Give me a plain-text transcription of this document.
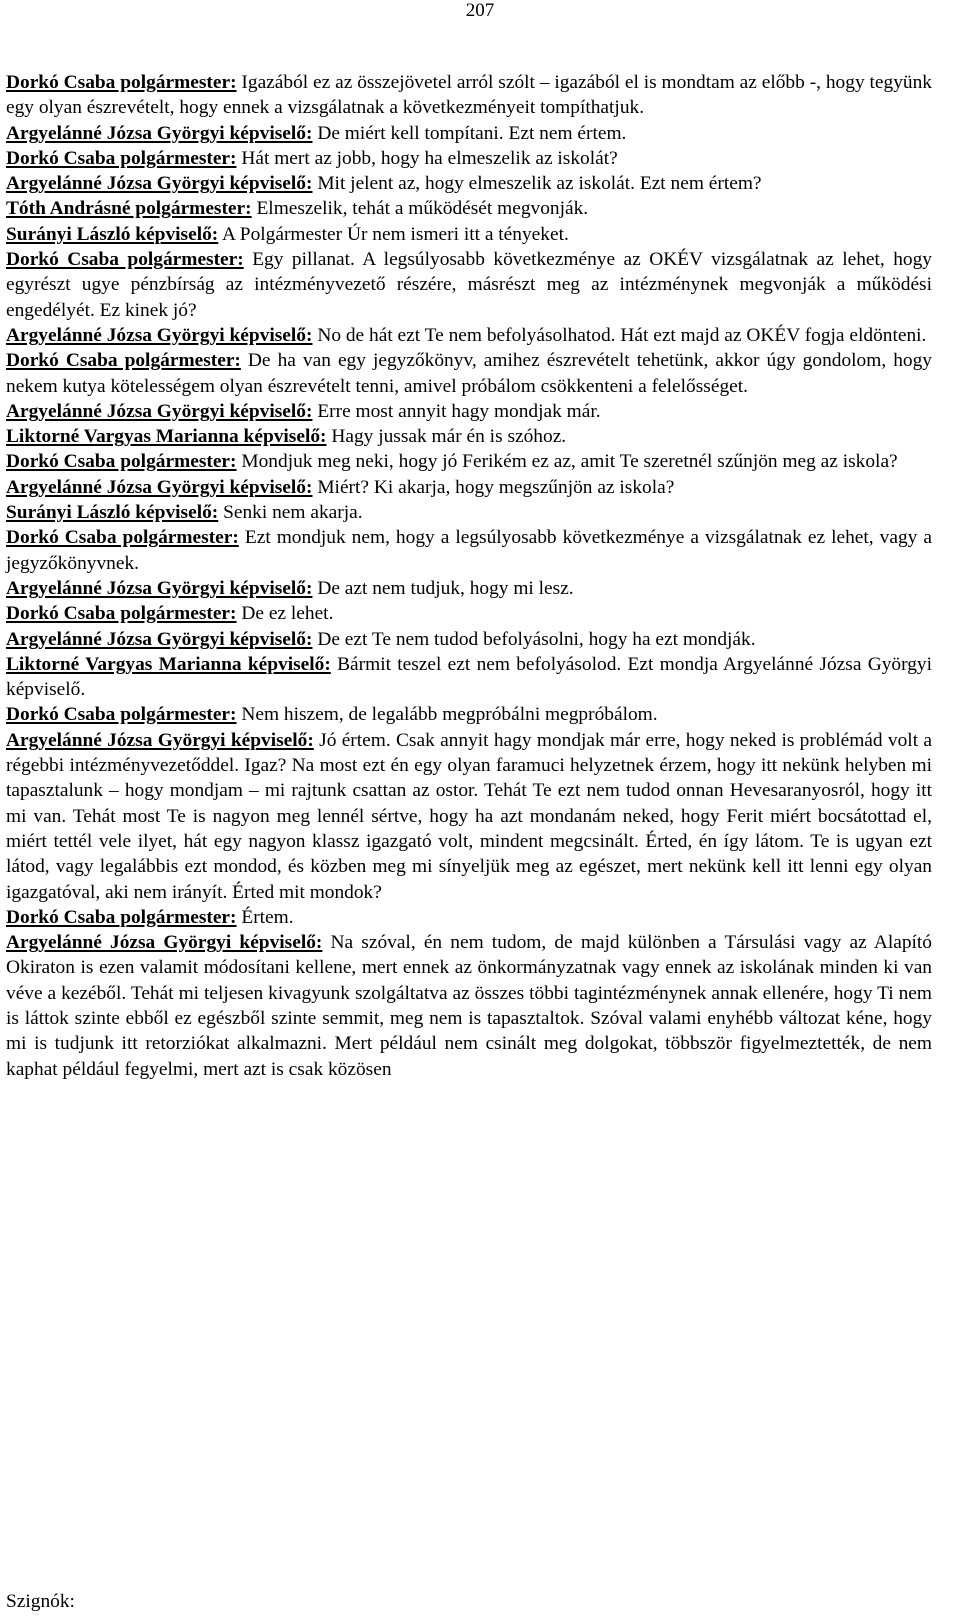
207

Dorkó Csaba polgármester: Igazából ez az összejövetel arról szólt – igazából el is mondtam az előbb -, hogy tegyünk egy olyan észrevételt, hogy ennek a vizsgálatnak a következményeit tompíthatjuk.

Argyelánné Józsa Györgyi képviselő: De miért kell tompítani. Ezt nem értem.

Dorkó Csaba polgármester: Hát mert az jobb, hogy ha elmeszelik az iskolát?

Argyelánné Józsa Györgyi képviselő: Mit jelent az, hogy elmeszelik az iskolát. Ezt nem értem?

Tóth Andrásné polgármester: Elmeszelik, tehát a működését megvonják.

Surányi László képviselő: A Polgármester Úr nem ismeri itt a tényeket.

Dorkó Csaba polgármester: Egy pillanat. A legsúlyosabb következménye az OKÉV vizsgálatnak az lehet, hogy egyrészt ugye pénzbírság az intézményvezető részére, másrészt meg az intézménynek megvonják a működési engedélyét. Ez kinek jó?

Argyelánné Józsa Györgyi képviselő: No de hát ezt Te nem befolyásolhatod. Hát ezt majd az OKÉV fogja eldönteni.

Dorkó Csaba polgármester: De ha van egy jegyzőkönyv, amihez észrevételt tehetünk, akkor úgy gondolom, hogy nekem kutya kötelességem olyan észrevételt tenni, amivel próbálom csökkenteni a felelősséget.

Argyelánné Józsa Györgyi képviselő: Erre most annyit hagy mondjak már.

Liktorné Vargyas Marianna képviselő: Hagy jussak már én is szóhoz.

Dorkó Csaba polgármester: Mondjuk meg neki, hogy jó Ferikém ez az, amit Te szeretnél szűnjön meg az iskola?

Argyelánné Józsa Györgyi képviselő: Miért? Ki akarja, hogy megszűnjön az iskola?

Surányi László képviselő: Senki nem akarja.

Dorkó Csaba polgármester: Ezt mondjuk nem, hogy a legsúlyosabb következménye a vizsgálatnak ez lehet, vagy a jegyzőkönyvnek.

Argyelánné Józsa Györgyi képviselő: De azt nem tudjuk, hogy mi lesz.

Dorkó Csaba polgármester: De ez lehet.

Argyelánné Józsa Györgyi képviselő: De ezt Te nem tudod befolyásolni, hogy ha ezt mondják.

Liktorné Vargyas Marianna képviselő: Bármit teszel ezt nem befolyásolod. Ezt mondja Argyelánné Józsa Györgyi képviselő.

Dorkó Csaba polgármester: Nem hiszem, de legalább megpróbálni megpróbálom.

Argyelánné Józsa Györgyi képviselő: Jó értem. Csak annyit hagy mondjak már erre, hogy neked is problémád volt a régebbi intézményvezetőddel. Igaz? Na most ezt én egy olyan faramuci helyzetnek érzem, hogy itt nekünk helyben mi tapasztalunk – hogy mondjam – mi rajtunk csattan az ostor. Tehát Te ezt nem tudod onnan Hevesaranyosról, hogy itt mi van. Tehát most Te is nagyon meg lennél sértve, hogy ha azt mondanám neked, hogy Ferit miért bocsátottad el, miért tettél vele ilyet, hát egy nagyon klassz igazgató volt, mindent megcsinált. Érted, én így látom. Te is ugyan ezt látod, vagy legalábbis ezt mondod, és közben meg mi sínyeljük meg az egészet, mert nekünk kell itt lenni egy olyan igazgatóval, aki nem irányít. Érted mit mondok?

Dorkó Csaba polgármester: Értem.

Argyelánné Józsa Györgyi képviselő: Na szóval, én nem tudom, de majd különben a Társulási vagy az Alapító Okiraton is ezen valamit módosítani kellene, mert ennek az önkormányzatnak vagy ennek az iskolának minden ki van véve a kezéből. Tehát mi teljesen kivagyunk szolgáltatva az összes többi tagintézménynek annak ellenére, hogy Ti nem is láttok szinte ebből ez egészből szinte semmit, meg nem is tapasztaltok. Szóval valami enyhébb változat kéne, hogy mi is tudjunk itt retorziókat alkalmazni. Mert például nem csinált meg dolgokat, többször figyelmeztették, de nem kaphat például fegyelmi, mert azt is csak közösen

Szignók:
